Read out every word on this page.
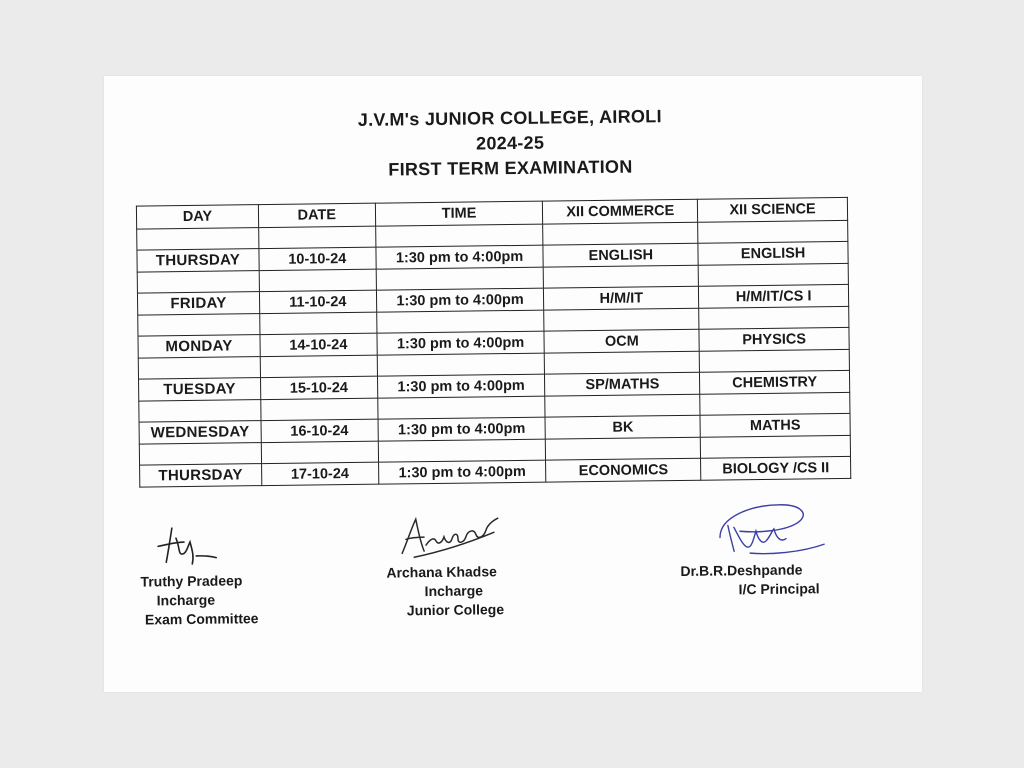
J.V.M's JUNIOR COLLEGE, AIROLI
2024-25
FIRST TERM EXAMINATION
DAY	DATE	TIME	XII COMMERCE	XII SCIENCE

THURSDAY	10-10-24	1:30 pm to 4:00pm	ENGLISH	ENGLISH

FRIDAY	11-10-24	1:30 pm to 4:00pm	H/M/IT	H/M/IT/CS I

MONDAY	14-10-24	1:30 pm to 4:00pm	OCM	PHYSICS

TUESDAY	15-10-24	1:30 pm to 4:00pm	SP/MATHS	CHEMISTRY

WEDNESDAY	16-10-24	1:30 pm to 4:00pm	BK	MATHS

THURSDAY	17-10-24	1:30 pm to 4:00pm	ECONOMICS	BIOLOGY /CS II
Truthy Pradeep
Incharge
Exam Committee
Archana Khadse
Incharge
Junior College
Dr.B.R.Deshpande
I/C Principal
